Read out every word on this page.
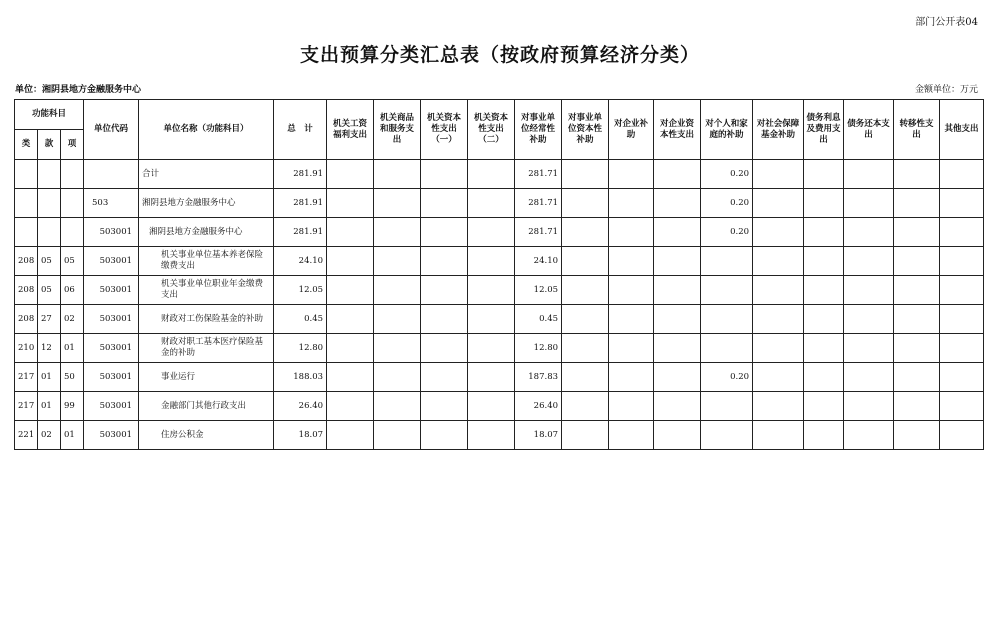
部门公开表04
支出预算分类汇总表（按政府预算经济分类）
单位：湘阴县地方金融服务中心	金额单位：万元
功能科目			单位代码	单位名称（功能科目）	总　计	机关工资福利支出	机关商品和服务支出	机关资本性支出（一）	机关资本性支出（二）	对事业单位经常性补助	对事业单位资本性补助	对企业补助	对企业资本性支出	对个人和家庭的补助	对社会保障基金补助	债务利息及费用支出	债务还本支出	转移性支出	其他支出
类	款	项																	
				合计	281.91					281.71				0.20					
			503	湘阴县地方金融服务中心	281.91					281.71				0.20					
			503001	湘阴县地方金融服务中心	281.91					281.71				0.20					
208	05	05	503001	机关事业单位基本养老保险缴费支出	24.10					24.10									
208	05	06	503001	机关事业单位职业年金缴费支出	12.05					12.05									
208	27	02	503001	财政对工伤保险基金的补助	0.45					0.45									
210	12	01	503001	财政对职工基本医疗保险基金的补助	12.80					12.80									
217	01	50	503001	事业运行	188.03					187.83				0.20					
217	01	99	503001	金融部门其他行政支出	26.40					26.40									
221	02	01	503001	住房公积金	18.07					18.07									
